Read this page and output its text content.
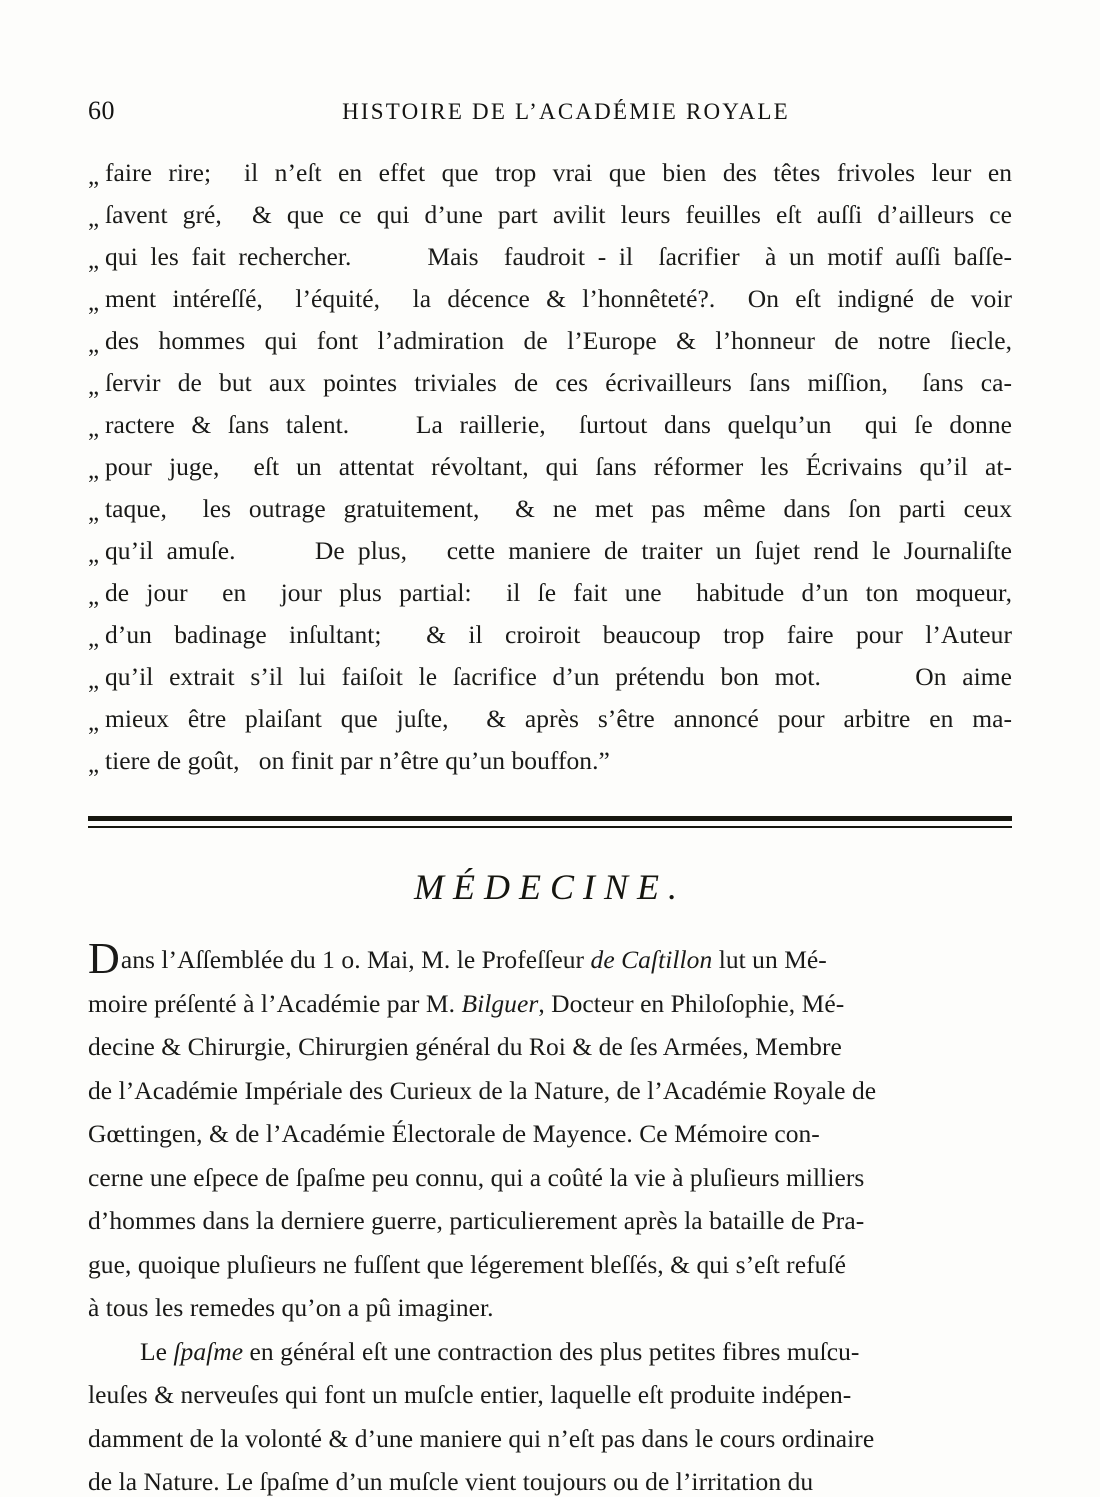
60	HISTOIRE DE L’ACADÉMIE ROYALE
„ faire rire;  il n’eſt en effet que trop vrai que bien des têtes frivoles leur en
„ ſavent gré,  & que ce qui d’une part avilit leurs feuilles eſt auſſi d’ailleurs ce
„ qui les fait rechercher.      Mais  faudroit - il  ſacrifier  à un motif auſſi baſſe-
„ ment intéreſſé,  l’équité,  la décence & l’honnêteté?.  On eſt indigné de voir
„ des hommes qui font l’admiration de l’Europe & l’honneur de notre ſiecle,
„ ſervir de but aux pointes triviales de ces écrivailleurs ſans miſſion,  ſans ca-
„ ractere & ſans talent.    La raillerie,  ſurtout dans quelqu’un  qui ſe donne
„ pour juge,  eſt un attentat révoltant, qui ſans réformer les Écrivains qu’il at-
„ taque,  les outrage gratuitement,  & ne met pas même dans ſon parti ceux
„ qu’il amuſe.      De plus,   cette maniere de traiter un ſujet rend le Journaliſte
„ de jour  en  jour plus partial:  il ſe fait une  habitude d’un ton moqueur,
„ d’un badinage inſultant;  & il croiroit beaucoup trop faire pour l’Auteur
„ qu’il extrait s’il lui faiſoit le ſacrifice d’un prétendu bon mot.      On aime
„ mieux être plaiſant que juſte,  & après s’être annoncé pour arbitre en ma-
„ tiere de goût,   on finit par n’être qu’un bouffon.”
MÉDECINE.
Dans l’Aſſemblée du 1 o. Mai, M. le Profeſſeur de Caſtillon lut un Mé-
moire préſenté à l’Académie par M. Bilguer, Docteur en Philoſophie, Mé-
decine & Chirurgie, Chirurgien général du Roi & de ſes Armées, Membre
de l’Académie Impériale des Curieux de la Nature, de l’Académie Royale de
Gœttingen, & de l’Académie Électorale de Mayence. Ce Mémoire con-
cerne une eſpece de ſpaſme peu connu, qui a coûté la vie à pluſieurs milliers
d’hommes dans la derniere guerre, particulierement après la bataille de Pra-
gue, quoique pluſieurs ne fuſſent que légerement bleſſés, & qui s’eſt refuſé
à tous les remedes qu’on a pû imaginer.
Le ſpaſme en général eſt une contraction des plus petites fibres muſcu-
leuſes & nerveuſes qui font un muſcle entier, laquelle eſt produite indépen-
damment de la volonté & d’une maniere qui n’eſt pas dans le cours ordinaire
de la Nature. Le ſpaſme d’un muſcle vient toujours ou de l’irritation du
